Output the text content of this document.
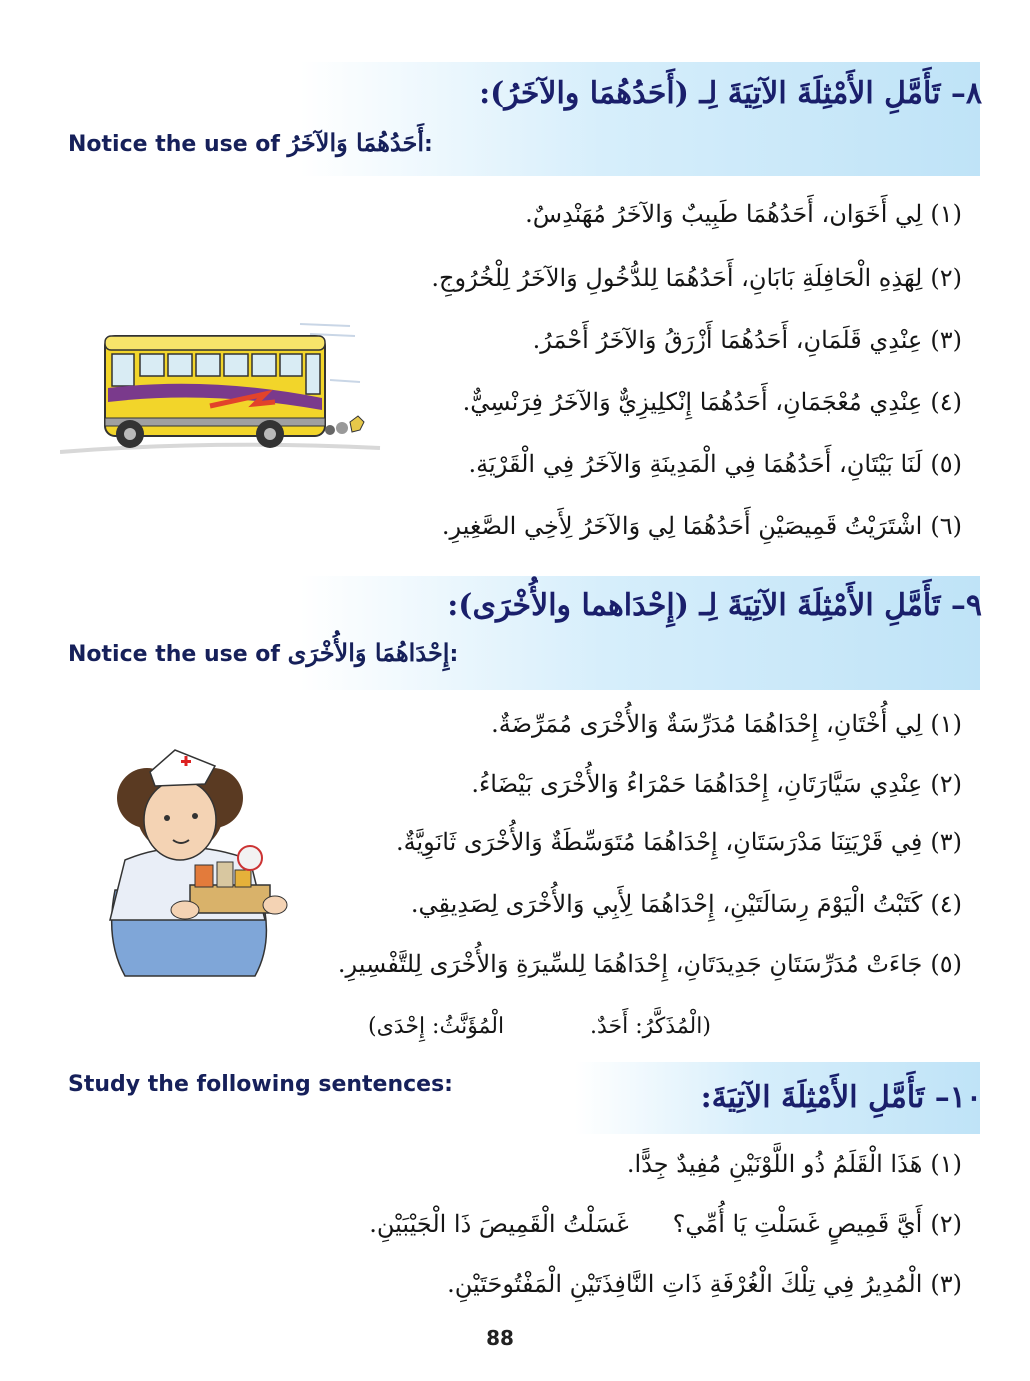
٨– تَأَمَّلِ الأَمْثِلَةَ الآتِيَةَ لِـ (أَحَدُهُمَا والآخَرُ):
Notice the use of أَحَدُهُمَا وَالآخَرُ:
(١)لِي أَخَوَان، أَحَدُهُمَا طَبِيبٌ وَالآخَرُ مُهَنْدِسٌ.
(٢)لِهَذِهِ الْحَافِلَةِ بَابَانِ، أَحَدُهُمَا لِلدُّخُولِ وَالآخَرُ لِلْخُرُوجِ.
(٣)عِنْدِي قَلَمَانِ، أَحَدُهُمَا أَزْرَقُ وَالآخَرُ أَحْمَرُ.
(٤)عِنْدِي مُعْجَمَانِ، أَحَدُهُمَا إِنْكلِيزِيٌّ وَالآخَرُ فِرَنْسِيٌّ.
(٥)لَنَا بَيْتَانِ، أَحَدُهُمَا فِي الْمَدِينَةِ وَالآخَرُ فِي الْقَرْيَةِ.
(٦)اشْتَرَيْتُ قَمِيصَيْنِ أَحَدُهُمَا لِي وَالآخَرُ لِأَخِي الصَّغِيرِ.
٩– تَأَمَّلِ الأَمْثِلَةَ الآتِيَةَ لِـ (إِحْدَاهما والأُخْرَى):
Notice the use of إِحْدَاهُمَا وَالأُخْرَى:
(١)لِي أُخْتَانِ، إِحْدَاهُمَا مُدَرِّسَةٌ وَالأُخْرَى مُمَرِّضَةٌ.
(٢)عِنْدِي سَيَّارَتَانِ، إِحْدَاهُمَا حَمْرَاءُ وَالأُخْرَى بَيْضَاءُ.
(٣)فِي قَرْيَتِنَا مَدْرَسَتَانِ، إِحْدَاهُمَا مُتَوَسِّطَةٌ وَالأُخْرَى ثَانَوِيَّةٌ.
(٤)كَتَبْتُ الْيَوْمَ رِسَالَتَيْنِ، إِحْدَاهُمَا لِأَبِي وَالأُخْرَى لِصَدِيقِي.
(٥)جَاءَتْ مُدَرِّسَتَانِ جَدِيدَتَانِ، إِحْدَاهُمَا لِلسِّيرَةِ وَالأُخْرَى لِلتَّفْسِيرِ.
الْمُؤَنَّثُ: إِحْدَى)	(الْمُذَكَّرُ: أَحَدٌ.
Study the following sentences:	١٠– تَأَمَّلِ الأَمْثِلَةَ الآتِيَةَ:
(١)هَذَا الْقَلَمُ ذُو اللَّوْنَيْنِ مُفِيدٌ جِدًّا.
(٢)أَيَّ قَمِيصٍ غَسَلْتِ يَا أُمِّي؟غَسَلْتُ الْقَمِيصَ ذَا الْجَيْبَيْنِ.
(٣)الْمُدِيرُ فِي تِلْكَ الْغُرْفَةِ ذَاتِ النَّافِذَتَيْنِ الْمَفْتُوحَتَيْنِ.
88
